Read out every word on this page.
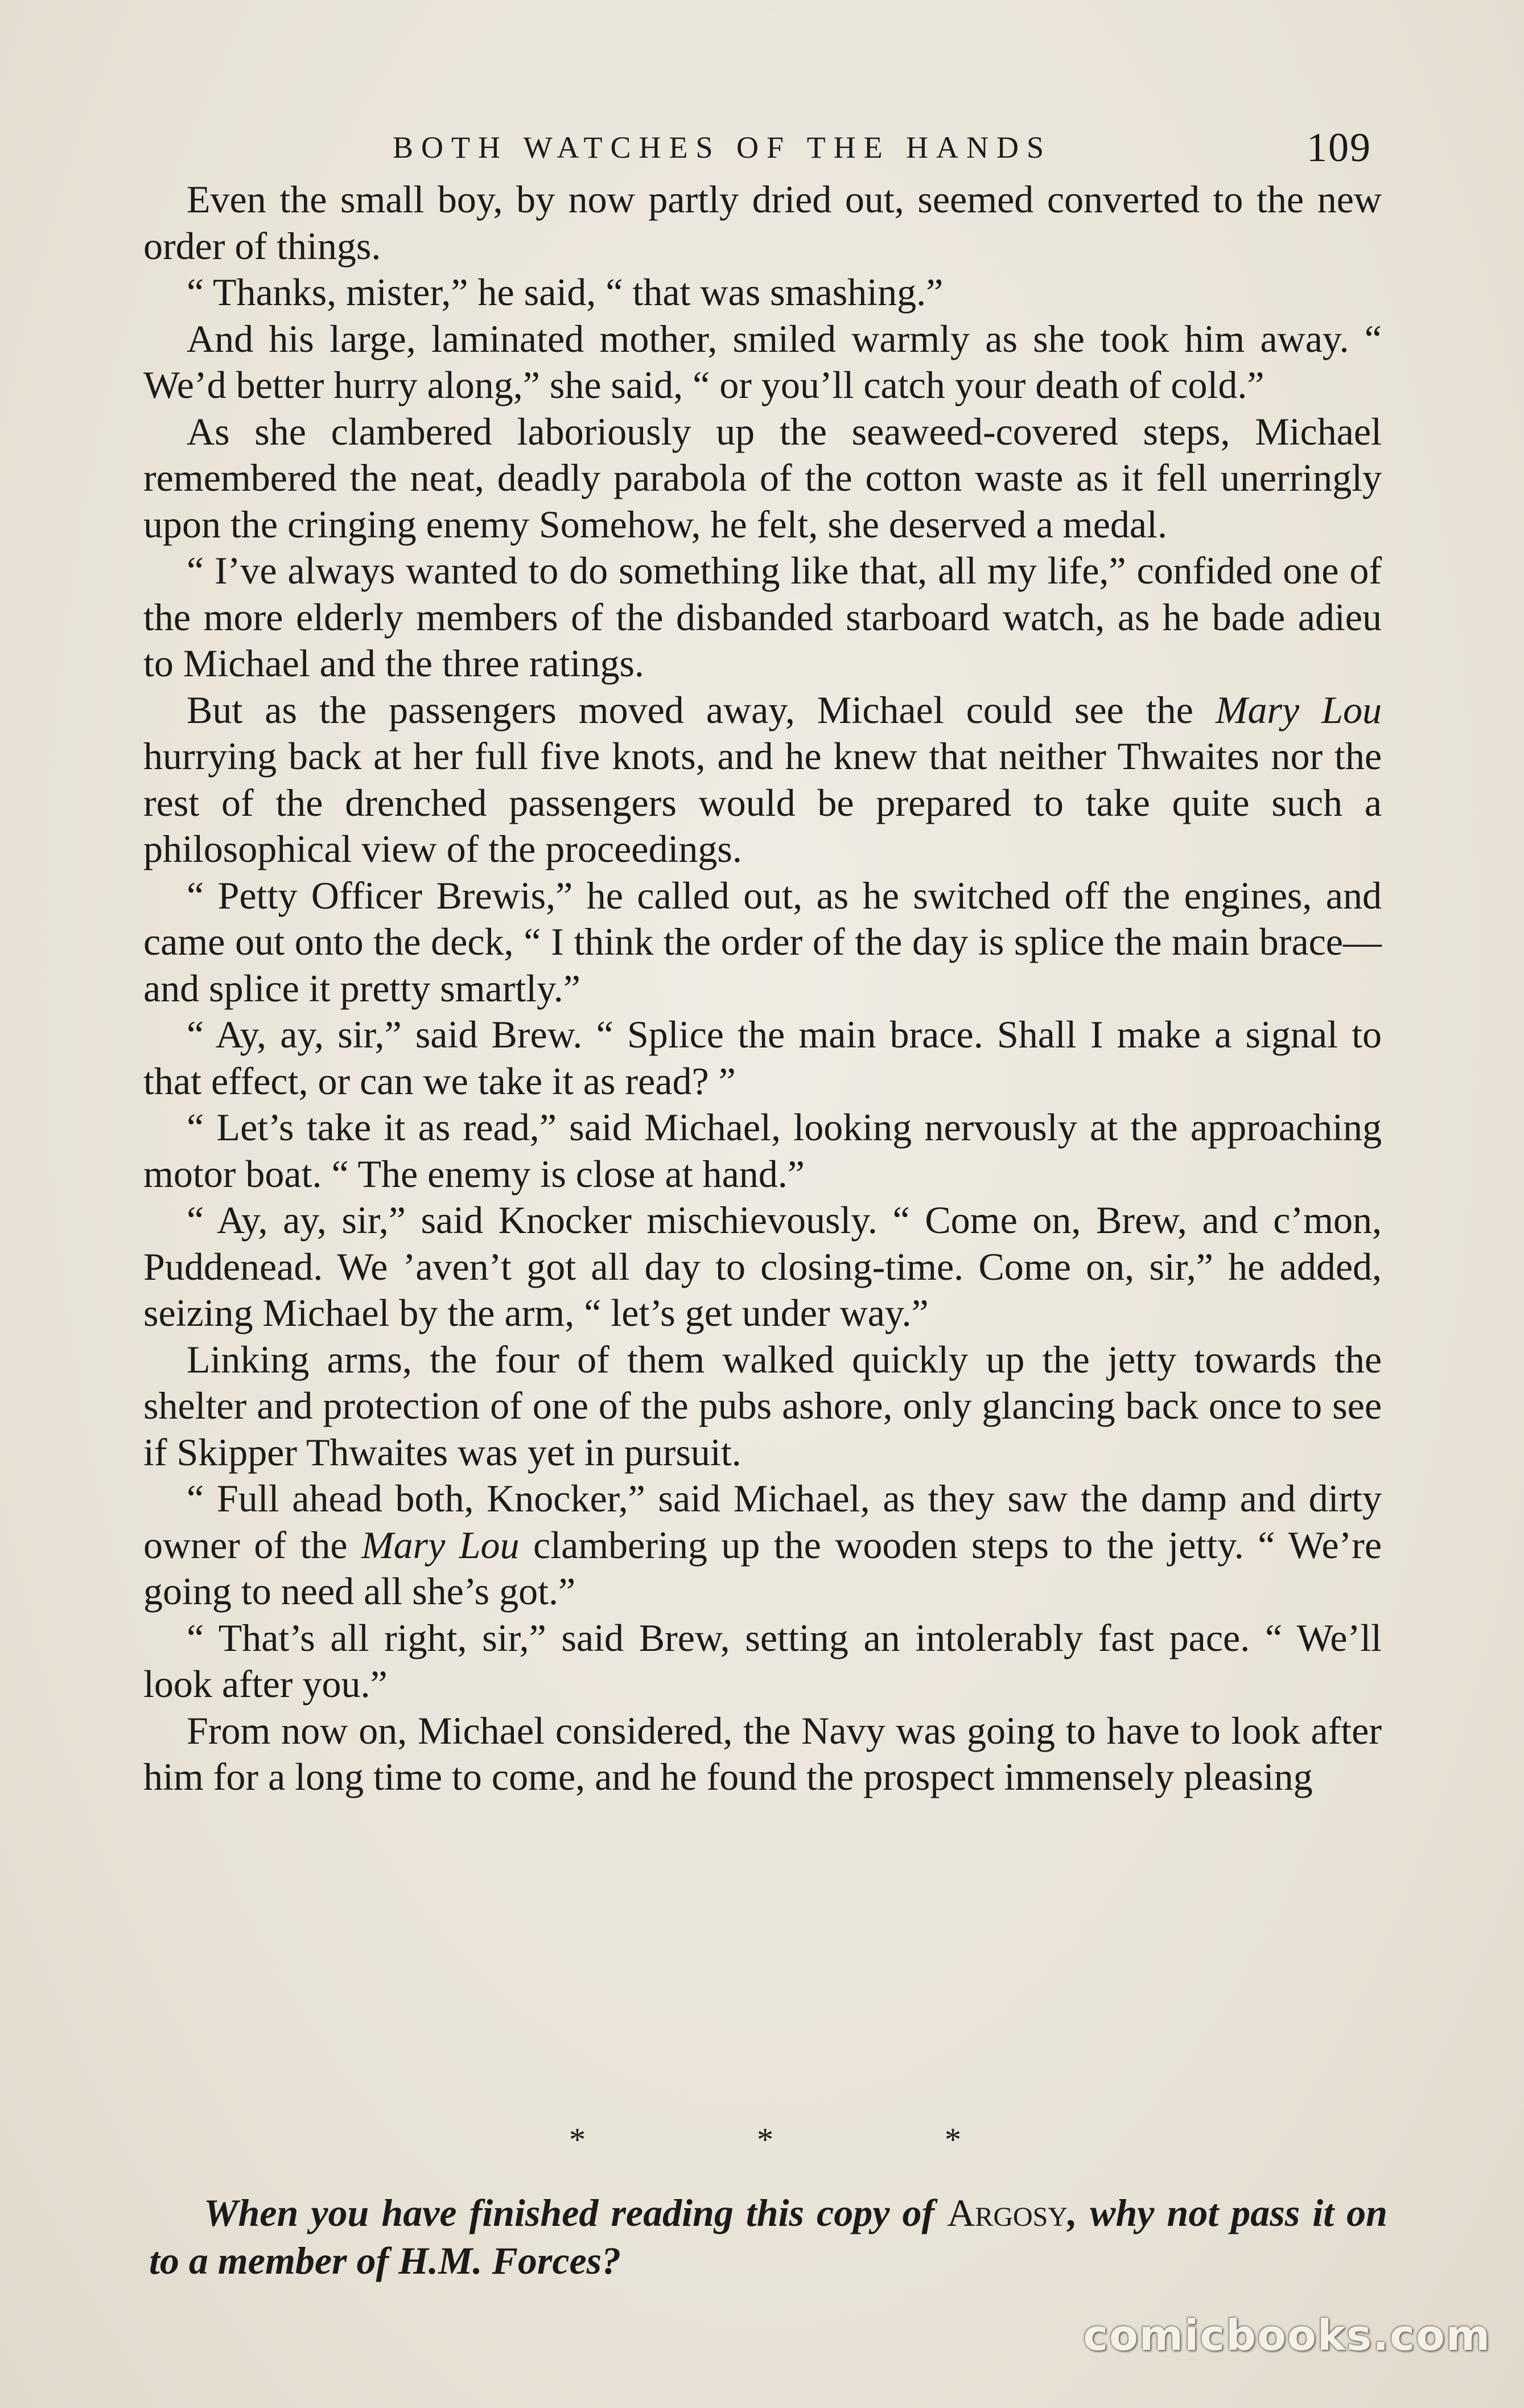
BOTH WATCHES OF THE HANDS	109

Even the small boy, by now partly dried out, seemed converted to the new order of things.

“ Thanks, mister,” he said, “ that was smashing.”

And his large, laminated mother, smiled warmly as she took him away. “ We’d better hurry along,” she said, “ or you’ll catch your death of cold.”

As she clambered laboriously up the seaweed-covered steps, Michael remembered the neat, deadly parabola of the cotton waste as it fell unerringly upon the cringing enemy Somehow, he felt, she deserved a medal.

“ I’ve always wanted to do something like that, all my life,” confided one of the more elderly members of the disbanded starboard watch, as he bade adieu to Michael and the three ratings.

But as the passengers moved away, Michael could see the Mary Lou hurrying back at her full five knots, and he knew that neither Thwaites nor the rest of the drenched passengers would be prepared to take quite such a philosophical view of the proceedings.

“ Petty Officer Brewis,” he called out, as he switched off the engines, and came out onto the deck, “ I think the order of the day is splice the main brace—and splice it pretty smartly.”

“ Ay, ay, sir,” said Brew. “ Splice the main brace. Shall I make a signal to that effect, or can we take it as read? ”

“ Let’s take it as read,” said Michael, looking nervously at the approaching motor boat. “ The enemy is close at hand.”

“ Ay, ay, sir,” said Knocker mischievously. “ Come on, Brew, and c’mon, Puddenead. We ’aven’t got all day to closing-time. Come on, sir,” he added, seizing Michael by the arm, “ let’s get under way.”

Linking arms, the four of them walked quickly up the jetty towards the shelter and protection of one of the pubs ashore, only glancing back once to see if Skipper Thwaites was yet in pursuit.

“ Full ahead both, Knocker,” said Michael, as they saw the damp and dirty owner of the Mary Lou clambering up the wooden steps to the jetty. “ We’re going to need all she’s got.”

“ That’s all right, sir,” said Brew, setting an intolerably fast pace. “ We’ll look after you.”

From now on, Michael considered, the Navy was going to have to look after him for a long time to come, and he found the prospect immensely pleasing

*	*	*

When you have finished reading this copy of Argosy, why not pass it on to a member of H.M. Forces?

comicbooks.com
